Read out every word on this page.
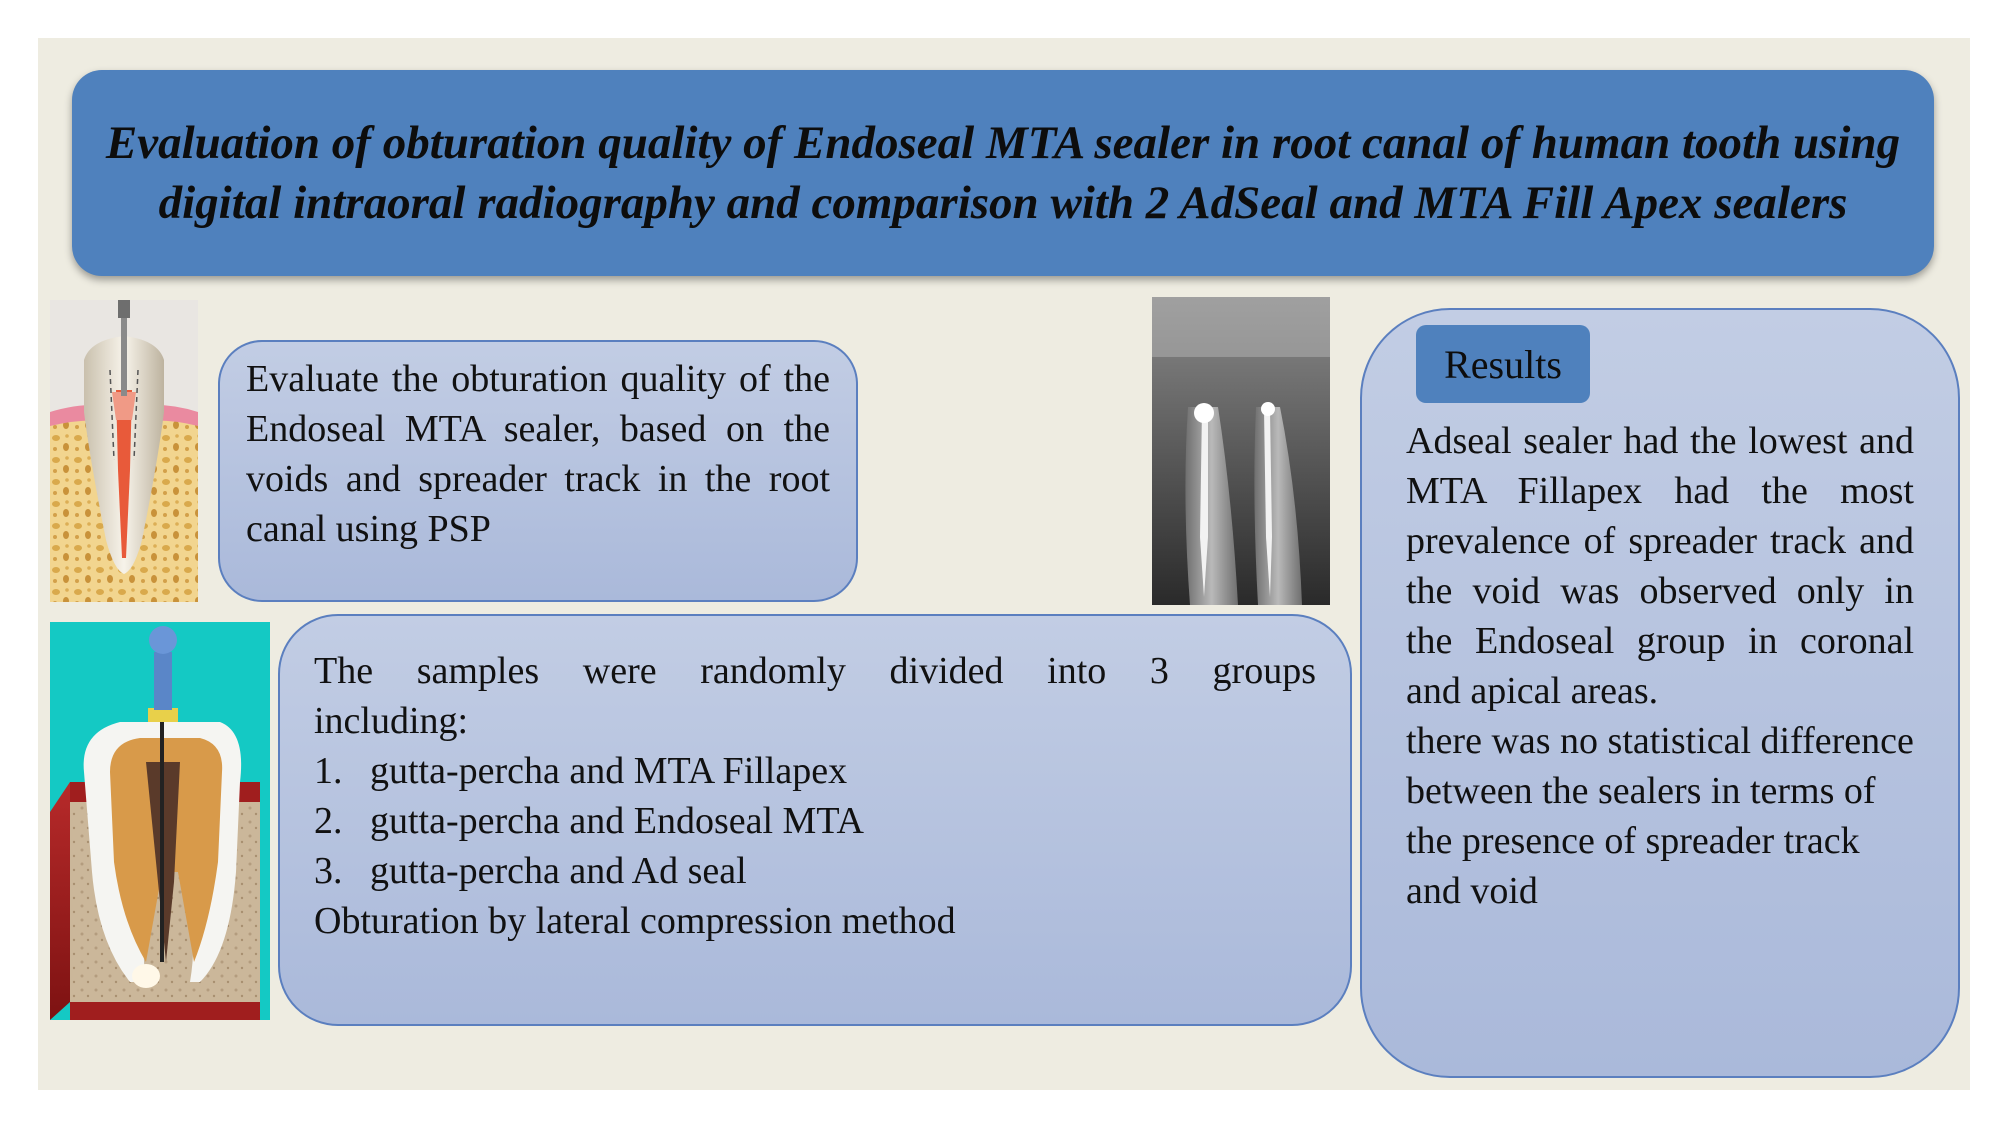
Evaluation of obturation quality of Endoseal MTA sealer in root canal of human tooth using digital intraoral radiography and comparison with 2 AdSeal and MTA Fill Apex sealers
Evaluate the obturation quality of the Endoseal MTA sealer, based on the voids and spreader track in the root canal using PSP
The samples were randomly divided into 3 groups
including:
1. gutta-percha and MTA Fillapex
2. gutta-percha and Endoseal MTA
3. gutta-percha and Ad seal
Obturation by lateral compression method

Adseal sealer had the lowest and MTA Fillapex had the most prevalence of spreader track and the void was observed only in the Endoseal group in coronal and apical areas.

there was no statistical difference between the sealers in terms of the presence of spreader track and void

Results
